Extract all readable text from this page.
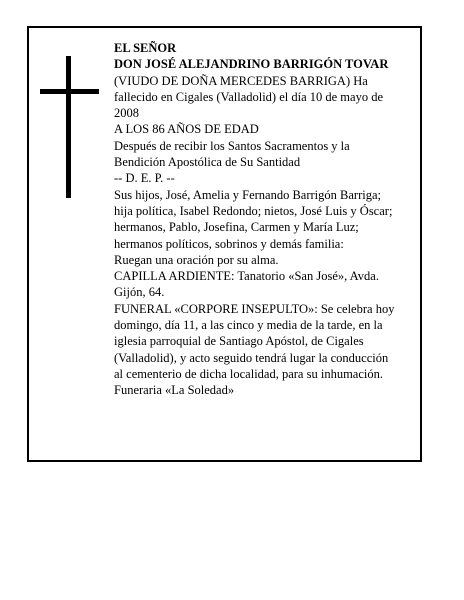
EL SEÑOR

DON JOSÉ ALEJANDRINO BARRIGÓN TOVAR

(VIUDO DE DOÑA MERCEDES BARRIGA) Ha

fallecido en Cigales (Valladolid) el día 10 de mayo de

2008

A LOS 86 AÑOS DE EDAD

Después de recibir los Santos Sacramentos y la

Bendición Apostólica de Su Santidad

-- D. E. P. --

Sus hijos, José, Amelia y Fernando Barrigón Barriga;

hija política, Isabel Redondo; nietos, José Luis y Óscar;

hermanos, Pablo, Josefina, Carmen y María Luz;

hermanos políticos, sobrinos y demás familia:

Ruegan una oración por su alma.

CAPILLA ARDIENTE: Tanatorio «San José», Avda.

Gijón, 64.

FUNERAL «CORPORE INSEPULTO»: Se celebra hoy

domingo, día 11, a las cinco y media de la tarde, en la

iglesia parroquial de Santiago Apóstol, de Cigales

(Valladolid), y acto seguido tendrá lugar la conducción

al cementerio de dicha localidad, para su inhumación.

Funeraria «La Soledad»
